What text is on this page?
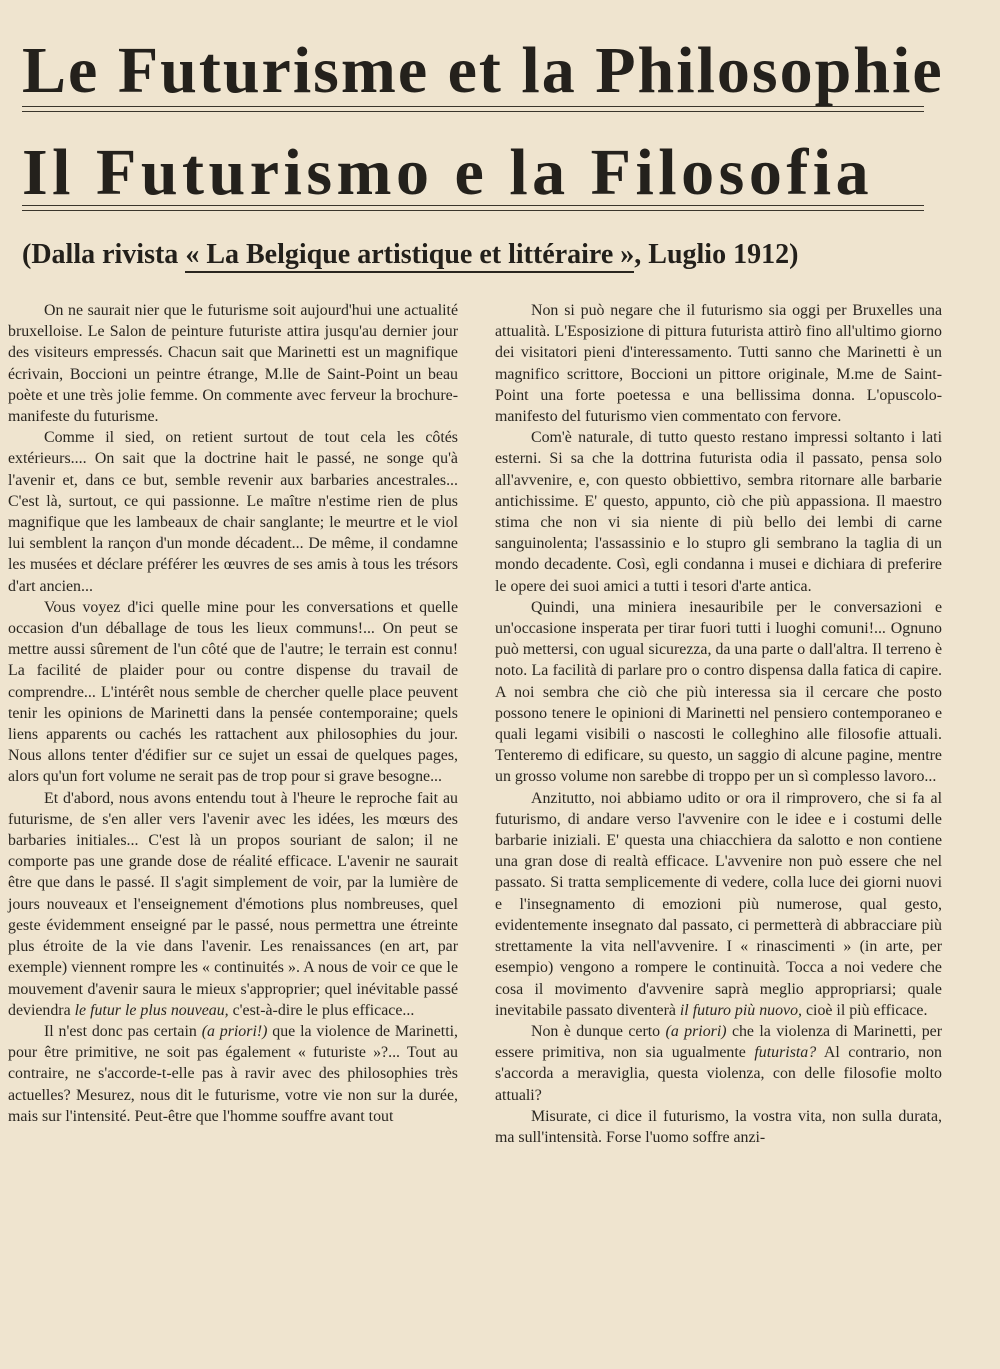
Le Futurisme et la Philosophie
Il Futurismo e la Filosofia
(Dalla rivista « La Belgique artistique et littéraire », Luglio 1912)

On ne saurait nier que le futurisme soit aujourd'hui une actualité bruxelloise. Le Salon de peinture futuriste attira jusqu'au dernier jour des visiteurs empressés. Chacun sait que Marinetti est un magnifique écrivain, Boccioni un peintre étrange, M.lle de Saint-Point un beau poète et une très jolie femme. On commente avec ferveur la brochure-manifeste du futurisme.

Comme il sied, on retient surtout de tout cela les côtés extérieurs.... On sait que la doctrine hait le passé, ne songe qu'à l'avenir et, dans ce but, semble revenir aux barbaries ancestrales... C'est là, surtout, ce qui passionne. Le maître n'estime rien de plus magnifique que les lambeaux de chair sanglante; le meurtre et le viol lui semblent la rançon d'un monde décadent... De même, il condamne les musées et déclare préférer les œuvres de ses amis à tous les trésors d'art ancien...

Vous voyez d'ici quelle mine pour les conversations et quelle occasion d'un déballage de tous les lieux communs!... On peut se mettre aussi sûrement de l'un côté que de l'autre; le terrain est connu! La facilité de plaider pour ou contre dispense du travail de comprendre... L'intérêt nous semble de chercher quelle place peuvent tenir les opinions de Marinetti dans la pensée contemporaine; quels liens apparents ou cachés les rattachent aux philosophies du jour. Nous allons tenter d'édifier sur ce sujet un essai de quelques pages, alors qu'un fort volume ne serait pas de trop pour si grave besogne...

Et d'abord, nous avons entendu tout à l'heure le reproche fait au futurisme, de s'en aller vers l'avenir avec les idées, les mœurs des barbaries initiales... C'est là un propos souriant de salon; il ne comporte pas une grande dose de réalité efficace. L'avenir ne saurait être que dans le passé. Il s'agit simplement de voir, par la lumière de jours nouveaux et l'enseignement d'émotions plus nombreuses, quel geste évidemment enseigné par le passé, nous permettra une étreinte plus étroite de la vie dans l'avenir. Les renaissances (en art, par exemple) viennent rompre les « continuités ». A nous de voir ce que le mouvement d'avenir saura le mieux s'approprier; quel inévitable passé deviendra le futur le plus nouveau, c'est-à-dire le plus efficace...

Il n'est donc pas certain (a priori!) que la violence de Marinetti, pour être primitive, ne soit pas également « futuriste »?... Tout au contraire, ne s'accorde-t-elle pas à ravir avec des philosophies très actuelles? Mesurez, nous dit le futurisme, votre vie non sur la durée, mais sur l'intensité. Peut-être que l'homme souffre avant tout

Non si può negare che il futurismo sia oggi per Bruxelles una attualità. L'Esposizione di pittura futurista attirò fino all'ultimo giorno dei visitatori pieni d'interessamento. Tutti sanno che Marinetti è un magnifico scrittore, Boccioni un pittore originale, M.me de Saint-Point una forte poetessa e una bellissima donna. L'opuscolo-manifesto del futurismo vien commentato con fervore.

Com'è naturale, di tutto questo restano impressi soltanto i lati esterni. Si sa che la dottrina futurista odia il passato, pensa solo all'avvenire, e, con questo obbiettivo, sembra ritornare alle barbarie antichissime. E' questo, appunto, ciò che più appassiona. Il maestro stima che non vi sia niente di più bello dei lembi di carne sanguinolenta; l'assassinio e lo stupro gli sembrano la taglia di un mondo decadente. Così, egli condanna i musei e dichiara di preferire le opere dei suoi amici a tutti i tesori d'arte antica.

Quindi, una miniera inesauribile per le conversazioni e un'occasione insperata per tirar fuori tutti i luoghi comuni!... Ognuno può mettersi, con ugual sicurezza, da una parte o dall'altra. Il terreno è noto. La facilità di parlare pro o contro dispensa dalla fatica di capire. A noi sembra che ciò che più interessa sia il cercare che posto possono tenere le opinioni di Marinetti nel pensiero contemporaneo e quali legami visibili o nascosti le colleghino alle filosofie attuali. Tenteremo di edificare, su questo, un saggio di alcune pagine, mentre un grosso volume non sarebbe di troppo per un sì complesso lavoro...

Anzitutto, noi abbiamo udito or ora il rimprovero, che si fa al futurismo, di andare verso l'avvenire con le idee e i costumi delle barbarie iniziali. E' questa una chiacchiera da salotto e non contiene una gran dose di realtà efficace. L'avvenire non può essere che nel passato. Si tratta semplicemente di vedere, colla luce dei giorni nuovi e l'insegnamento di emozioni più numerose, qual gesto, evidentemente insegnato dal passato, ci permetterà di abbracciare più strettamente la vita nell'avvenire. I « rinascimenti » (in arte, per esempio) vengono a rompere le continuità. Tocca a noi vedere che cosa il movimento d'avvenire saprà meglio appropriarsi; quale inevitabile passato diventerà il futuro più nuovo, cioè il più efficace.

Non è dunque certo (a priori) che la violenza di Marinetti, per essere primitiva, non sia ugualmente futurista? Al contrario, non s'accorda a meraviglia, questa violenza, con delle filosofie molto attuali?

Misurate, ci dice il futurismo, la vostra vita, non sulla durata, ma sull'intensità. Forse l'uomo soffre anzi-
